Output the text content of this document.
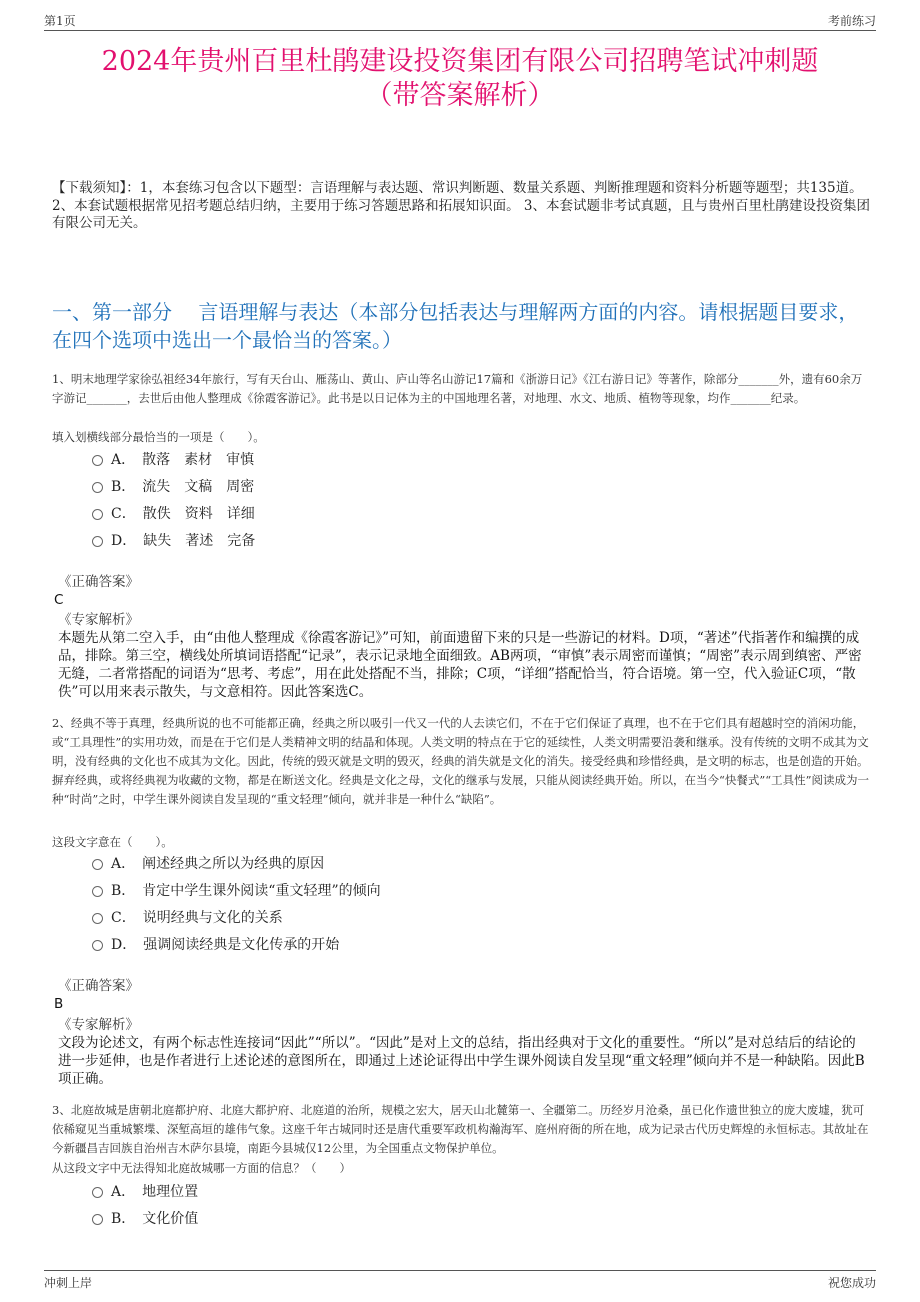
第1页	考前练习
2024年贵州百里杜鹃建设投资集团有限公司招聘笔试冲刺题
（带答案解析）
【下载须知】：1，本套练习包含以下题型：言语理解与表达题、常识判断题、数量关系题、判断推理题和资料分析题等题型；共135道。 2、本套试题根据常见招考题总结归纳，主要用于练习答题思路和拓展知识面。 3、本套试题非考试真题，且与贵州百里杜鹃建设投资集团有限公司无关。
一、第一部分 　言语理解与表达（本部分包括表达与理解两方面的内容。请根据题目要求，在四个选项中选出一个最恰当的答案。）
1、明末地理学家徐弘祖经34年旅行，写有天台山、雁荡山、黄山、庐山等名山游记17篇和《浙游日记》《江右游日记》等著作，除部分_______外，遗有60余万字游记_______，去世后由他人整理成《徐霞客游记》。此书是以日记体为主的中国地理名著，对地理、水文、地质、植物等现象，均作_______纪录。
填入划横线部分最恰当的一项是（　　）。
A．　散落　素材　审慎
B．　流失　文稿　周密
C．　散佚　资料　详细
D．　缺失　著述　完备
《正确答案》
C
《专家解析》
本题先从第二空入手，由“由他人整理成《徐霞客游记》”可知，前面遗留下来的只是一些游记的材料。D项，“著述”代指著作和编撰的成品，排除。第三空，横线处所填词语搭配“记录”，表示记录地全面细致。AB两项，“审慎”表示周密而谨慎；“周密”表示周到缜密、严密无缝，二者常搭配的词语为“思考、考虑”，用在此处搭配不当，排除；C项，“详细”搭配恰当，符合语境。第一空，代入验证C项，“散佚”可以用来表示散失，与文意相符。因此答案选C。
2、经典不等于真理，经典所说的也不可能都正确，经典之所以吸引一代又一代的人去读它们，不在于它们保证了真理，也不在于它们具有超越时空的消闲功能，或“工具理性”的实用功效，而是在于它们是人类精神文明的结晶和体现。人类文明的特点在于它的延续性，人类文明需要沿袭和继承。没有传统的文明不成其为文明，没有经典的文化也不成其为文化。因此，传统的毁灭就是文明的毁灭，经典的消失就是文化的消失。接受经典和珍惜经典，是文明的标志，也是创造的开始。摒弃经典，或将经典视为收藏的文物，都是在断送文化。经典是文化之母，文化的继承与发展，只能从阅读经典开始。所以，在当今“快餐式”“工具性”阅读成为一种“时尚”之时，中学生课外阅读自发呈现的“重文轻理”倾向，就并非是一种什么“缺陷”。
这段文字意在（　　）。
A．　阐述经典之所以为经典的原因
B．　肯定中学生课外阅读“重文轻理”的倾向
C．　说明经典与文化的关系
D．　强调阅读经典是文化传承的开始
《正确答案》
B
《专家解析》
文段为论述文，有两个标志性连接词“因此”“所以”。“因此”是对上文的总结，指出经典对于文化的重要性。“所以”是对总结后的结论的进一步延伸，也是作者进行上述论述的意图所在，即通过上述论证得出中学生课外阅读自发呈现“重文轻理”倾向并不是一种缺陷。因此B项正确。
3、北庭故城是唐朝北庭都护府、北庭大都护府、北庭道的治所，规模之宏大，居天山北麓第一、全疆第二。历经岁月沧桑，虽已化作遗世独立的庞大废墟，犹可依稀窥见当重城繁堞、深堑高垣的雄伟气象。这座千年古城同时还是唐代重要军政机构瀚海军、庭州府衙的所在地，成为记录古代历史辉煌的永恒标志。其故址在今新疆昌吉回族自治州吉木萨尔县境，南距今县城仅12公里，为全国重点文物保护单位。
从这段文字中无法得知北庭故城哪一方面的信息？（　　）
A．　地理位置
B．　文化价值
冲刺上岸	祝您成功
